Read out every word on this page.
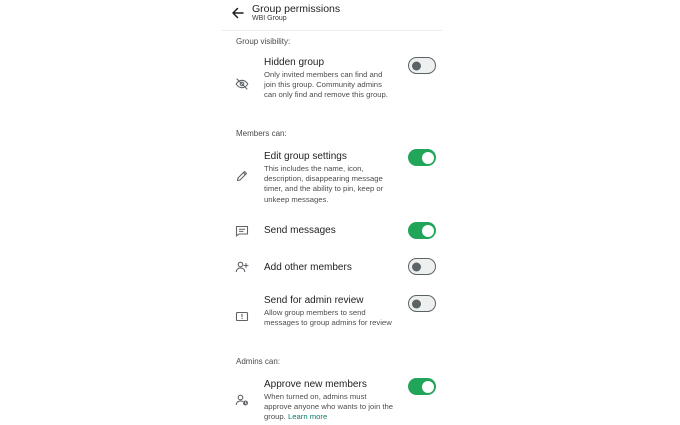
Group permissions
WBI Group
Group visibility:
Hidden group
Only invited members can find and join this group. Community admins can only find and remove this group.
Members can:
Edit group settings
This includes the name, icon, description, disappearing message timer, and the ability to pin, keep or unkeep messages.
Send messages
Add other members
Send for admin review
Allow group members to send messages to group admins for review
Admins can:
Approve new members
When turned on, admins must approve anyone who wants to join the group. Learn more
